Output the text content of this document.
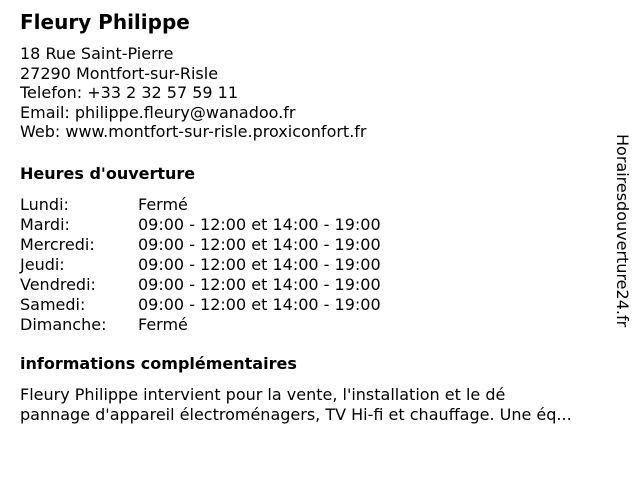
Fleury Philippe
18 Rue Saint-Pierre
27290 Montfort-sur-Risle
Telefon: +33 2 32 57 59 11
Email: philippe.fleury@wanadoo.fr
Web: www.montfort-sur-risle.proxiconfort.fr
Heures d'ouverture
Lundi:	Fermé
Mardi:	09:00 - 12:00 et 14:00 - 19:00
Mercredi:	09:00 - 12:00 et 14:00 - 19:00
Jeudi:	09:00 - 12:00 et 14:00 - 19:00
Vendredi:	09:00 - 12:00 et 14:00 - 19:00
Samedi:	09:00 - 12:00 et 14:00 - 19:00
Dimanche:	Fermé
informations complémentaires
Fleury Philippe intervient pour la vente, l'installation et le dé
pannage d'appareil électroménagers, TV Hi-fi et chauffage. Une éq...
Horairesdouverture24.fr
